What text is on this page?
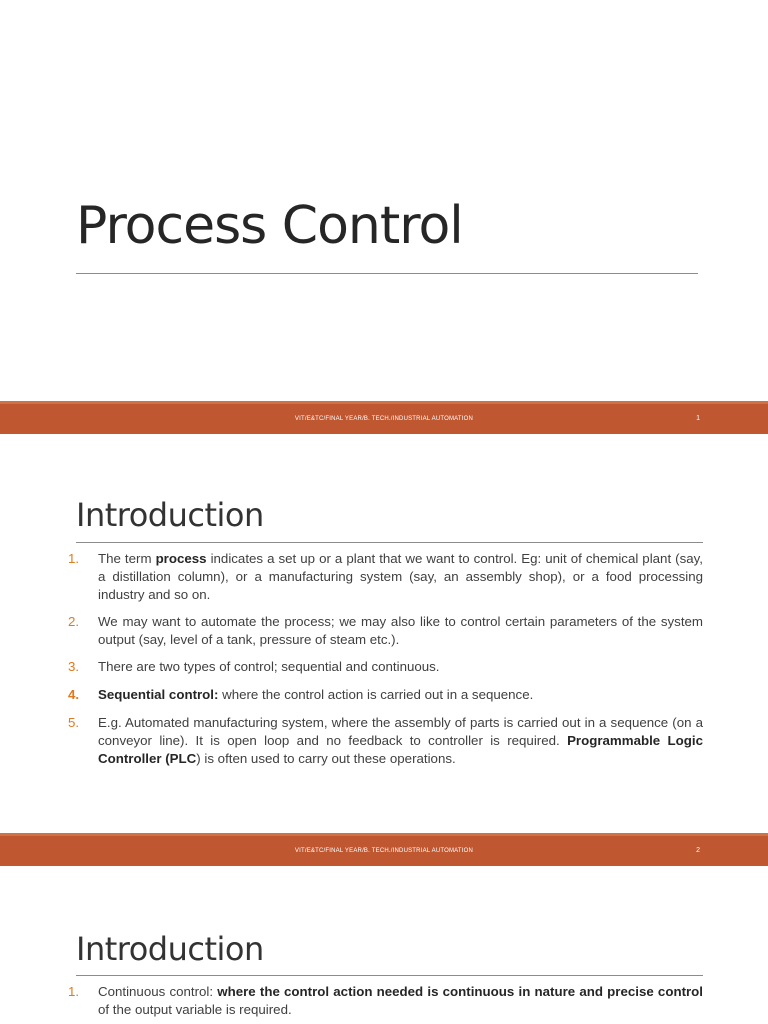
Process Control
VIT/E&TC/FINAL YEAR/B. TECH./INDUSTRIAL AUTOMATION	1
Introduction
1.	The term process indicates a set up or a plant that we want to control. Eg: unit of chemical plant (say, a distillation column), or a manufacturing system (say, an assembly shop), or a food processing industry and so on.
2.	We may want to automate the process; we may also like to control certain parameters of the system output (say, level of a tank, pressure of steam etc.).
3.	There are two types of control; sequential and continuous.
4.	Sequential control: where the control action is carried out in a sequence.
5.	E.g. Automated manufacturing system, where the assembly of parts is carried out in a sequence (on a conveyor line). It is open loop and no feedback to controller is required. Programmable Logic Controller (PLC) is often used to carry out these operations.
VIT/E&TC/FINAL YEAR/B. TECH./INDUSTRIAL AUTOMATION	2
Introduction
1.	Continuous control: where the control action needed is continuous in nature and precise control of the output variable is required.
